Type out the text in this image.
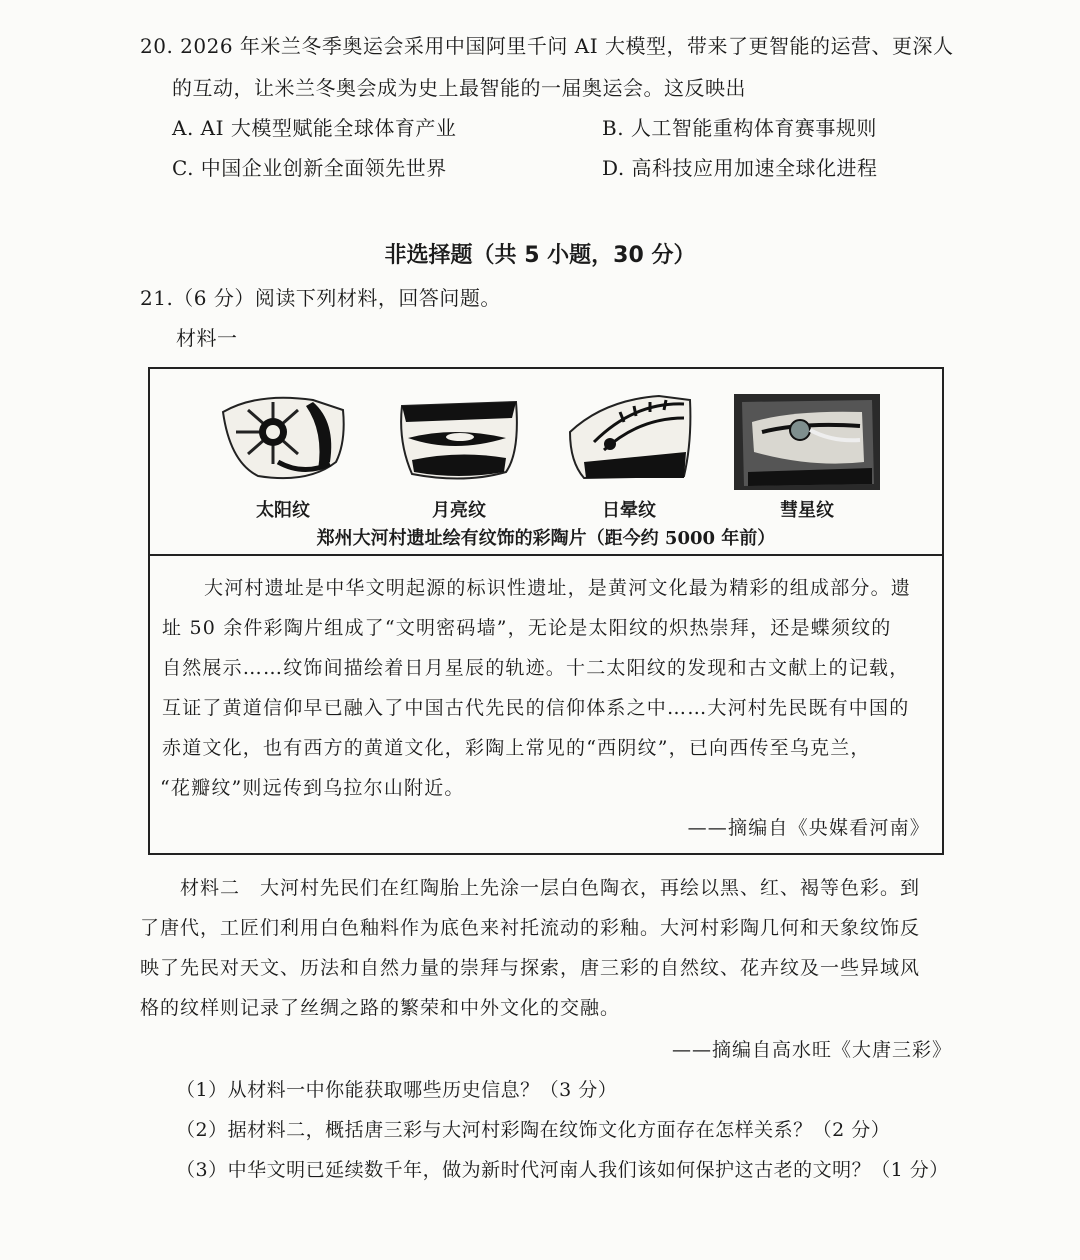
20. 2026 年米兰冬季奥运会采用中国阿里千问 AI 大模型，带来了更智能的运营、更深人
的互动，让米兰冬奥会成为史上最智能的一届奥运会。这反映出
A. AI 大模型赋能全球体育产业	B. 人工智能重构体育赛事规则
C. 中国企业创新全面领先世界	D. 高科技应用加速全球化进程
非选择题（共 5 小题，30 分）
21.（6 分）阅读下列材料，回答问题。
材料一
太阳纹	月亮纹	日晕纹	彗星纹
郑州大河村遗址绘有纹饰的彩陶片（距今约 5000 年前）
大河村遗址是中华文明起源的标识性遗址，是黄河文化最为精彩的组成部分。遗
址 50 余件彩陶片组成了“文明密码墙”，无论是太阳纹的炽热崇拜，还是蝶须纹的
自然展示……纹饰间描绘着日月星辰的轨迹。十二太阳纹的发现和古文献上的记载，
互证了黄道信仰早已融入了中国古代先民的信仰体系之中……大河村先民既有中国的
赤道文化，也有西方的黄道文化，彩陶上常见的“西阴纹”，已向西传至乌克兰，
“花瓣纹”则远传到乌拉尔山附近。
——摘编自《央媒看河南》
材料二　大河村先民们在红陶胎上先涂一层白色陶衣，再绘以黑、红、褐等色彩。到
了唐代，工匠们利用白色釉料作为底色来衬托流动的彩釉。大河村彩陶几何和天象纹饰反
映了先民对天文、历法和自然力量的崇拜与探索，唐三彩的自然纹、花卉纹及一些异域风
格的纹样则记录了丝绸之路的繁荣和中外文化的交融。
——摘编自高水旺《大唐三彩》
（1）从材料一中你能获取哪些历史信息？（3 分）
（2）据材料二，概括唐三彩与大河村彩陶在纹饰文化方面存在怎样关系？（2 分）
（3）中华文明已延续数千年，做为新时代河南人我们该如何保护这古老的文明？（1 分）
